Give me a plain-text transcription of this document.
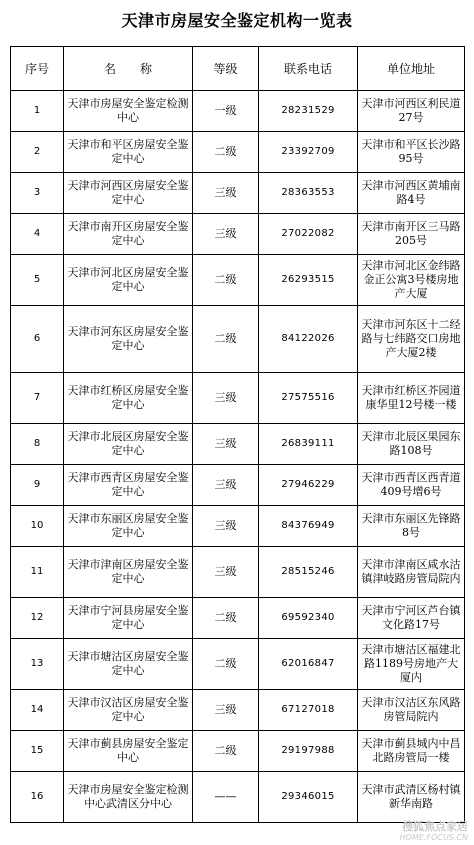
天津市房屋安全鉴定机构一览表
序号	名　　称	等级	联系电话	单位地址
1	天津市房屋安全鉴定检测中心	一级	28231529	天津市河西区利民道27号
2	天津市和平区房屋安全鉴定中心	二级	23392709	天津市和平区长沙路95号
3	天津市河西区房屋安全鉴定中心	三级	28363553	天津市河西区黄埔南路4号
4	天津市南开区房屋安全鉴定中心	三级	27022082	天津市南开区三马路205号
5	天津市河北区房屋安全鉴定中心	二级	26293515	天津市河北区金纬路金正公寓3号楼房地产大厦
6	天津市河东区房屋安全鉴定中心	二级	84122026	天津市河东区十二经路与七纬路交口房地产大厦2楼
7	天津市红桥区房屋安全鉴定中心	三级	27575516	天津市红桥区芥园道康华里12号楼一楼
8	天津市北辰区房屋安全鉴定中心	三级	26839111	天津市北辰区果园东路108号
9	天津市西青区房屋安全鉴定中心	三级	27946229	天津市西青区西青道409号增6号
10	天津市东丽区房屋安全鉴定中心	三级	84376949	天津市东丽区先锋路8号
11	天津市津南区房屋安全鉴定中心	三级	28515246	天津市津南区咸水沽镇津岐路房管局院内
12	天津市宁河县房屋安全鉴定中心	二级	69592340	天津市宁河区芦台镇文化路17号
13	天津市塘沽区房屋安全鉴定中心	二级	62016847	天津市塘沽区福建北路1189号房地产大厦内
14	天津市汉沽区房屋安全鉴定中心	三级	67127018	天津市汉沽区东风路房管局院内
15	天津市蓟县房屋安全鉴定中心	二级	29197988	天津市蓟县城内中昌北路房管局一楼
16	天津市房屋安全鉴定检测中心武清区分中心	——	29346015	天津市武清区杨村镇新华南路
搜狐焦点家居
HOME.FOCUS.CN
